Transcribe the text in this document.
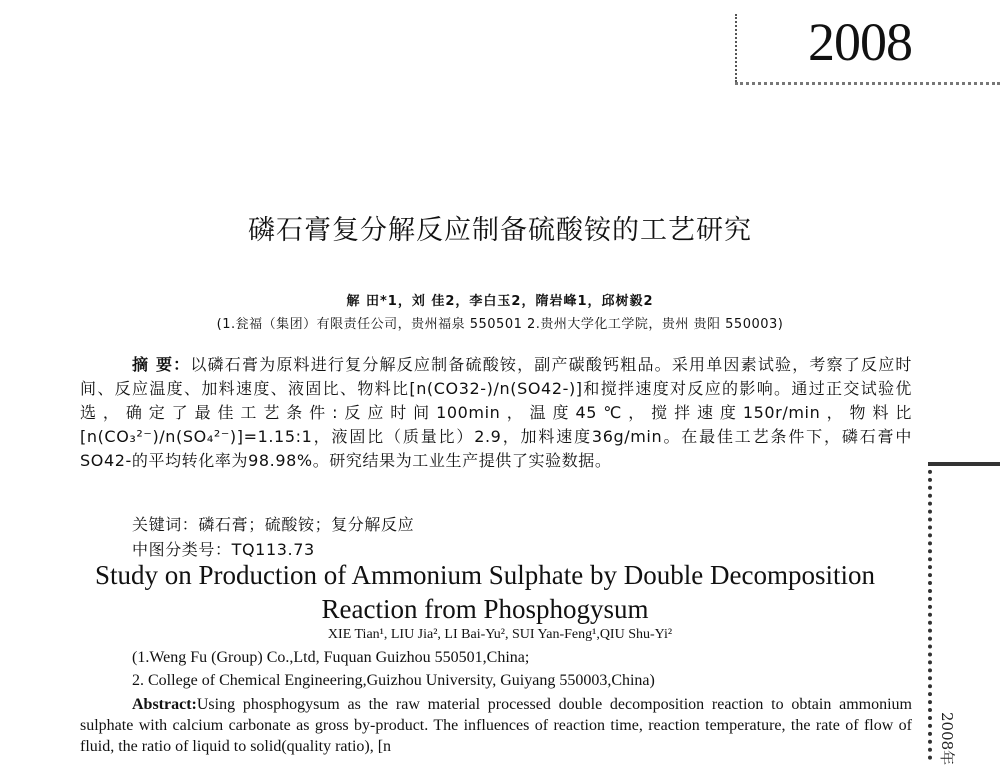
2008
磷石膏复分解反应制备硫酸铵的工艺研究
解 田*1，刘 佳2，李白玉2，隋岩峰1，邱树毅2
(1.瓮福（集团）有限责任公司，贵州福泉 550501 2.贵州大学化工学院，贵州 贵阳 550003)
摘 要：以磷石膏为原料进行复分解反应制备硫酸铵，副产碳酸钙粗品。采用单因素试验，考察了反应时间、反应温度、加料速度、液固比、物料比[n(CO32-)/n(SO42-)]和搅拌速度对反应的影响。通过正交试验优选，确定了最佳工艺条件:反应时间100min，温度45℃，搅拌速度150r/min，物料比[n(CO₃²⁻)/n(SO₄²⁻)]=1.15:1，液固比（质量比）2.9，加料速度36g/min。在最佳工艺条件下，磷石膏中SO42-的平均转化率为98.98%。研究结果为工业生产提供了实验数据。
关键词：磷石膏；硫酸铵；复分解反应
中图分类号：TQ113.73
Study on Production of Ammonium Sulphate by Double Decomposition Reaction from Phosphogysum
XIE Tian¹, LIU Jia², LI Bai-Yu², SUI Yan-Feng¹,QIU Shu-Yi²
(1.Weng Fu (Group) Co.,Ltd, Fuquan Guizhou 550501,China;
2. College of Chemical Engineering,Guizhou University, Guiyang 550003,China)
Abstract:Using phosphogysum as the raw material processed double decomposition reaction to obtain ammonium sulphate with calcium carbonate as gross by-product. The influences of reaction time, reaction temperature, the rate of flow of fluid, the ratio of liquid to solid(quality ratio), [n	2008年
